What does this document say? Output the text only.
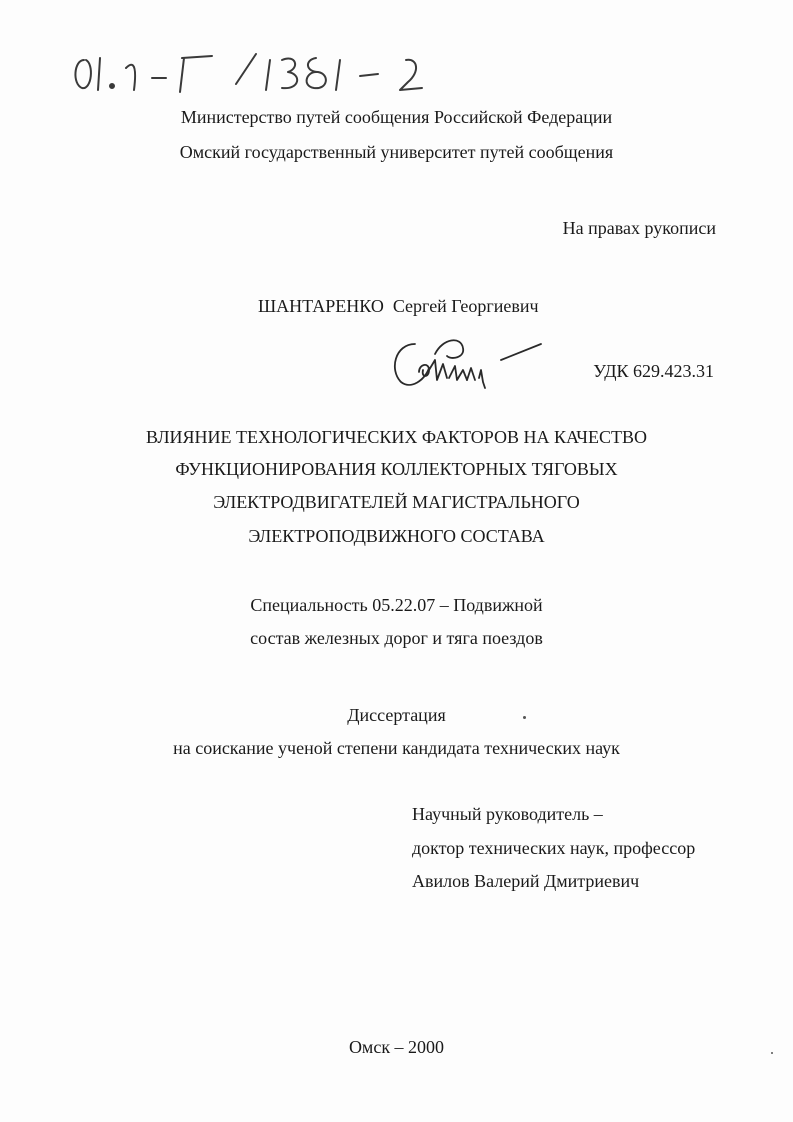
Министерство путей сообщения Российской Федерации
Омский государственный университет путей сообщения
На правах рукописи
ШАНТАРЕНКО Сергей Георгиевич
УДК 629.423.31
ВЛИЯНИЕ ТЕХНОЛОГИЧЕСКИХ ФАКТОРОВ НА КАЧЕСТВО
ФУНКЦИОНИРОВАНИЯ КОЛЛЕКТОРНЫХ ТЯГОВЫХ
ЭЛЕКТРОДВИГАТЕЛЕЙ МАГИСТРАЛЬНОГО
ЭЛЕКТРОПОДВИЖНОГО СОСТАВА
Специальность 05.22.07 – Подвижной
состав железных дорог и тяга поездов
Диссертация
на соискание ученой степени кандидата технических наук
Научный руководитель –
доктор технических наук, профессор
Авилов Валерий Дмитриевич
Омск – 2000
